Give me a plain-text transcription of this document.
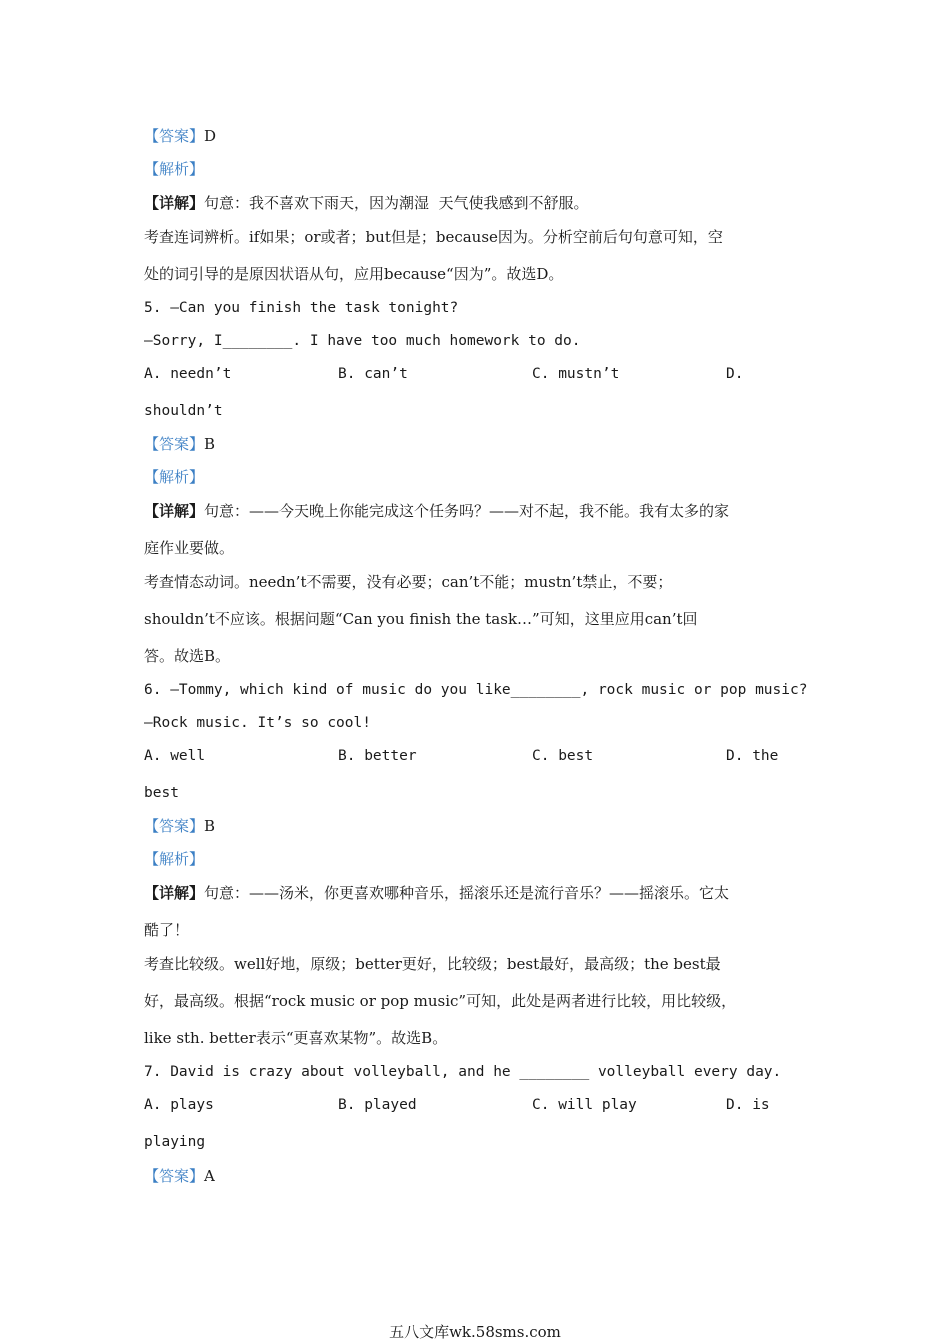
【答案】D
【解析】
【详解】句意：我不喜欢下雨天，因为潮湿  天气使我感到不舒服。
考查连词辨析。if如果；or或者；but但是；because因为。分析空前后句句意可知，空
处的词引导的是原因状语从句，应用because“因为”。故选D。
5. —Can you finish the task tonight?
—Sorry, I________. I have too much homework to do.
A. needn’t	B. can’t	C. mustn’t	D.
shouldn’t
【答案】B
【解析】
【详解】句意：——今天晚上你能完成这个任务吗？——对不起，我不能。我有太多的家
庭作业要做。
考查情态动词。needn’t不需要，没有必要；can’t不能；mustn’t禁止，不要；
shouldn’t不应该。根据问题“Can you finish the task…”可知，这里应用can’t回
答。故选B。
6. —Tommy, which kind of music do you like________, rock music or pop music?
—Rock music. It’s so cool!
A. well	B. better	C. best	D. the
best
【答案】B
【解析】
【详解】句意：——汤米，你更喜欢哪种音乐，摇滚乐还是流行音乐？——摇滚乐。它太
酷了！
考查比较级。well好地，原级；better更好，比较级；best最好，最高级；the best最
好，最高级。根据“rock music or pop music”可知，此处是两者进行比较，用比较级，
like sth. better表示“更喜欢某物”。故选B。
7. David is crazy about volleyball, and he ________ volleyball every day.
A. plays	B. played	C. will play	D. is
playing
【答案】A
五八文库wk.58sms.com
